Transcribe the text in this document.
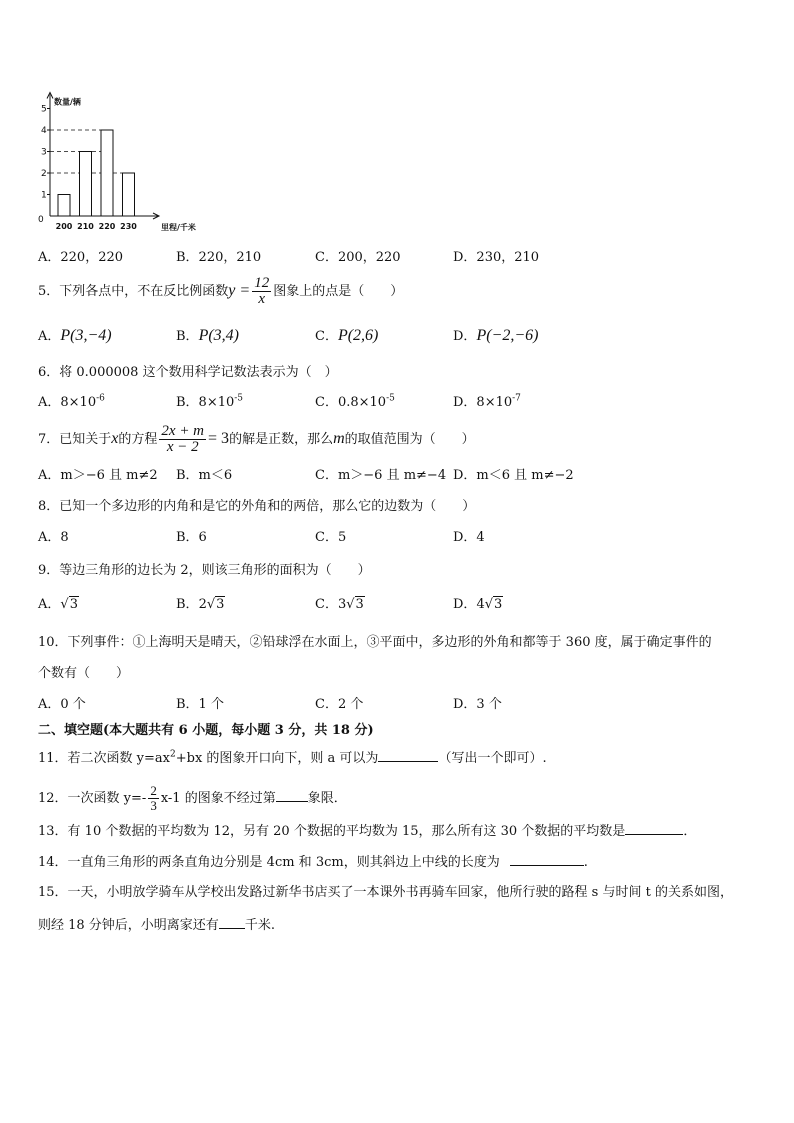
数量/辆
里程/千米
0
1
2
3
4
5
200 210 220 230
A．220，220	B．220，210	C．200，220	D．230，210
5．下列各点中，不在反比例函数$y = \frac{12}{x}$ 图象上的点是（　　）
A．P(3,−4)	B．P(3,4)	C．P(2,6)	D．P(−2,−6)
6．将 0.000008 这个数用科学记数法表示为（　）
A．$8\times 10^{-6}$	B．$8\times 10^{-5}$	C．$0.8\times 10^{-5}$	D．$8\times 10^{-7}$
7．已知关于x的方程 $\frac{2x + m}{x - 2} = 3$的解是正数，那么m的取值范围为（　　）
A．m＞−6 且 m≠2 B．m＜6	C．m＞−6 且 m≠−4 D．m＜6 且 m≠−2
8．已知一个多边形的内角和是它的外角和的两倍，那么它的边数为（　　）
A．8	B．6	C．5	D．4
9．等边三角形的边长为 2，则该三角形的面积为（　　）
A．√3	B．2√3	C．3√3	D．4√3
10．下列事件：①上海明天是晴天，②铅球浮在水面上，③平面中，多边形的外角和都等于 360 度，属于确定事件的
个数有（　　）
A．0 个	B．1 个	C．2 个	D．3 个
二、填空题(本大题共有 6 小题，每小题 3 分，共 18 分)
11．若二次函数 $y=ax^2+bx$ 的图象开口向下，则 a 可以为	（写出一个即可）.
12．一次函数 $y=- \frac{2}{3} x-1$ 的图象不经过第 象限．
13．有 10 个数据的平均数为 12，另有 20 个数据的平均数为 15，那么所有这 30 个数据的平均数是	．
14．一直角三角形的两条直角边分别是 4cm 和 3cm，则其斜边上中线的长度为	.
15．一天，小明放学骑车从学校出发路过新华书店买了一本课外书再骑车回家，他所行驶的路程 s 与时间 t 的关系如图，
则经 18 分钟后，小明离家还有 千米.
